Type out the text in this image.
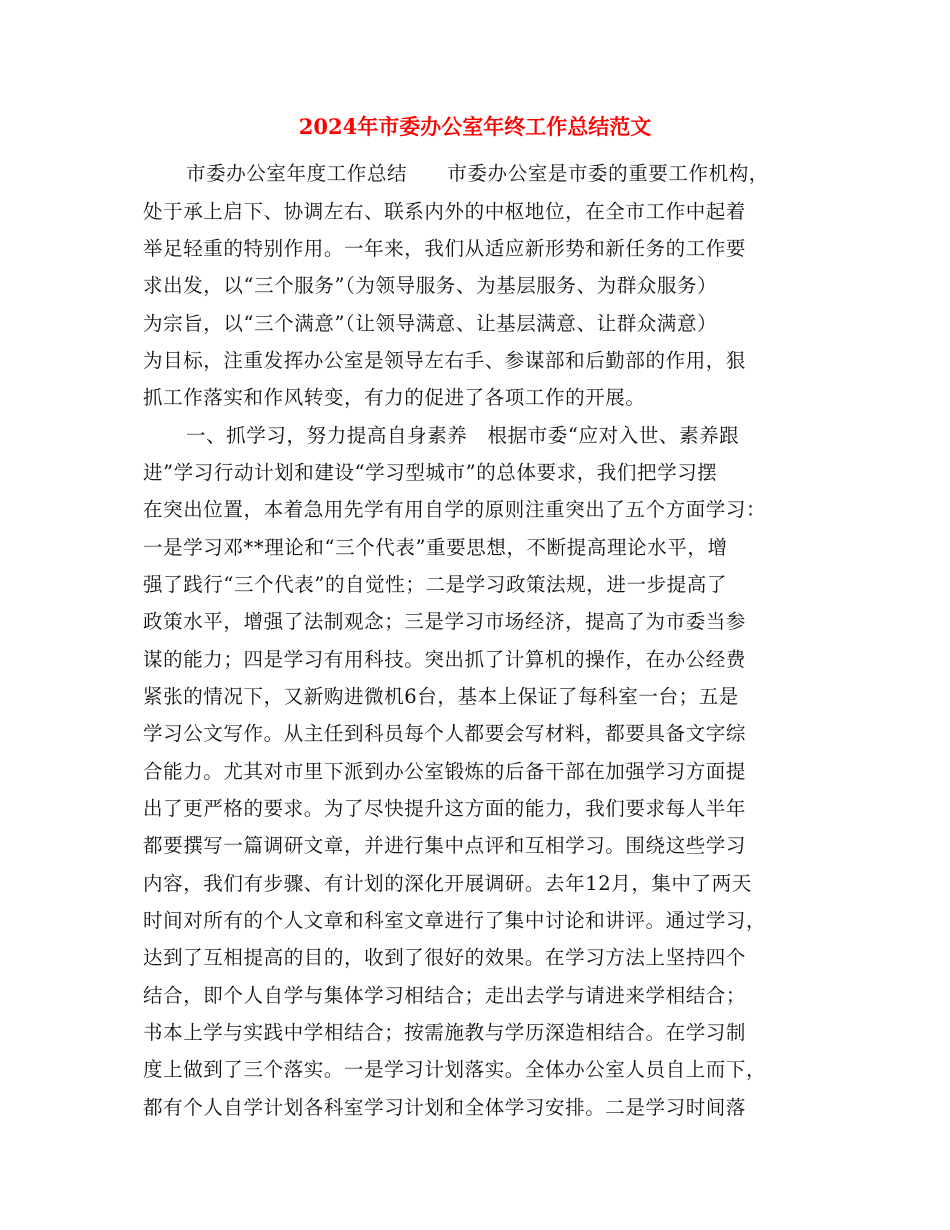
2024年市委办公室年终工作总结范文
市委办公室年度工作总结　　市委办公室是市委的重要工作机构，
处于承上启下、协调左右、联系内外的中枢地位，在全市工作中起着
举足轻重的特别作用。一年来，我们从适应新形势和新任务的工作要
求出发，以“三个服务”（为领导服务、为基层服务、为群众服务）
为宗旨，以“三个满意”（让领导满意、让基层满意、让群众满意）
为目标，注重发挥办公室是领导左右手、参谋部和后勤部的作用，狠
抓工作落实和作风转变，有力的促进了各项工作的开展。
一、抓学习，努力提高自身素养　根据市委“应对入世、素养跟
进”学习行动计划和建设“学习型城市”的总体要求，我们把学习摆
在突出位置，本着急用先学有用自学的原则注重突出了五个方面学习：
一是学习邓**理论和“三个代表”重要思想，不断提高理论水平，增
强了践行“三个代表”的自觉性；二是学习政策法规，进一步提高了
政策水平，增强了法制观念；三是学习市场经济，提高了为市委当参
谋的能力；四是学习有用科技。突出抓了计算机的操作，在办公经费
紧张的情况下，又新购进微机6台，基本上保证了每科室一台；五是
学习公文写作。从主任到科员每个人都要会写材料，都要具备文字综
合能力。尤其对市里下派到办公室锻炼的后备干部在加强学习方面提
出了更严格的要求。为了尽快提升这方面的能力，我们要求每人半年
都要撰写一篇调研文章，并进行集中点评和互相学习。围绕这些学习
内容，我们有步骤、有计划的深化开展调研。去年12月，集中了两天
时间对所有的个人文章和科室文章进行了集中讨论和讲评。通过学习，
达到了互相提高的目的，收到了很好的效果。在学习方法上坚持四个
结合，即个人自学与集体学习相结合；走出去学与请进来学相结合；
书本上学与实践中学相结合；按需施教与学历深造相结合。在学习制
度上做到了三个落实。一是学习计划落实。全体办公室人员自上而下，
都有个人自学计划各科室学习计划和全体学习安排。二是学习时间落
